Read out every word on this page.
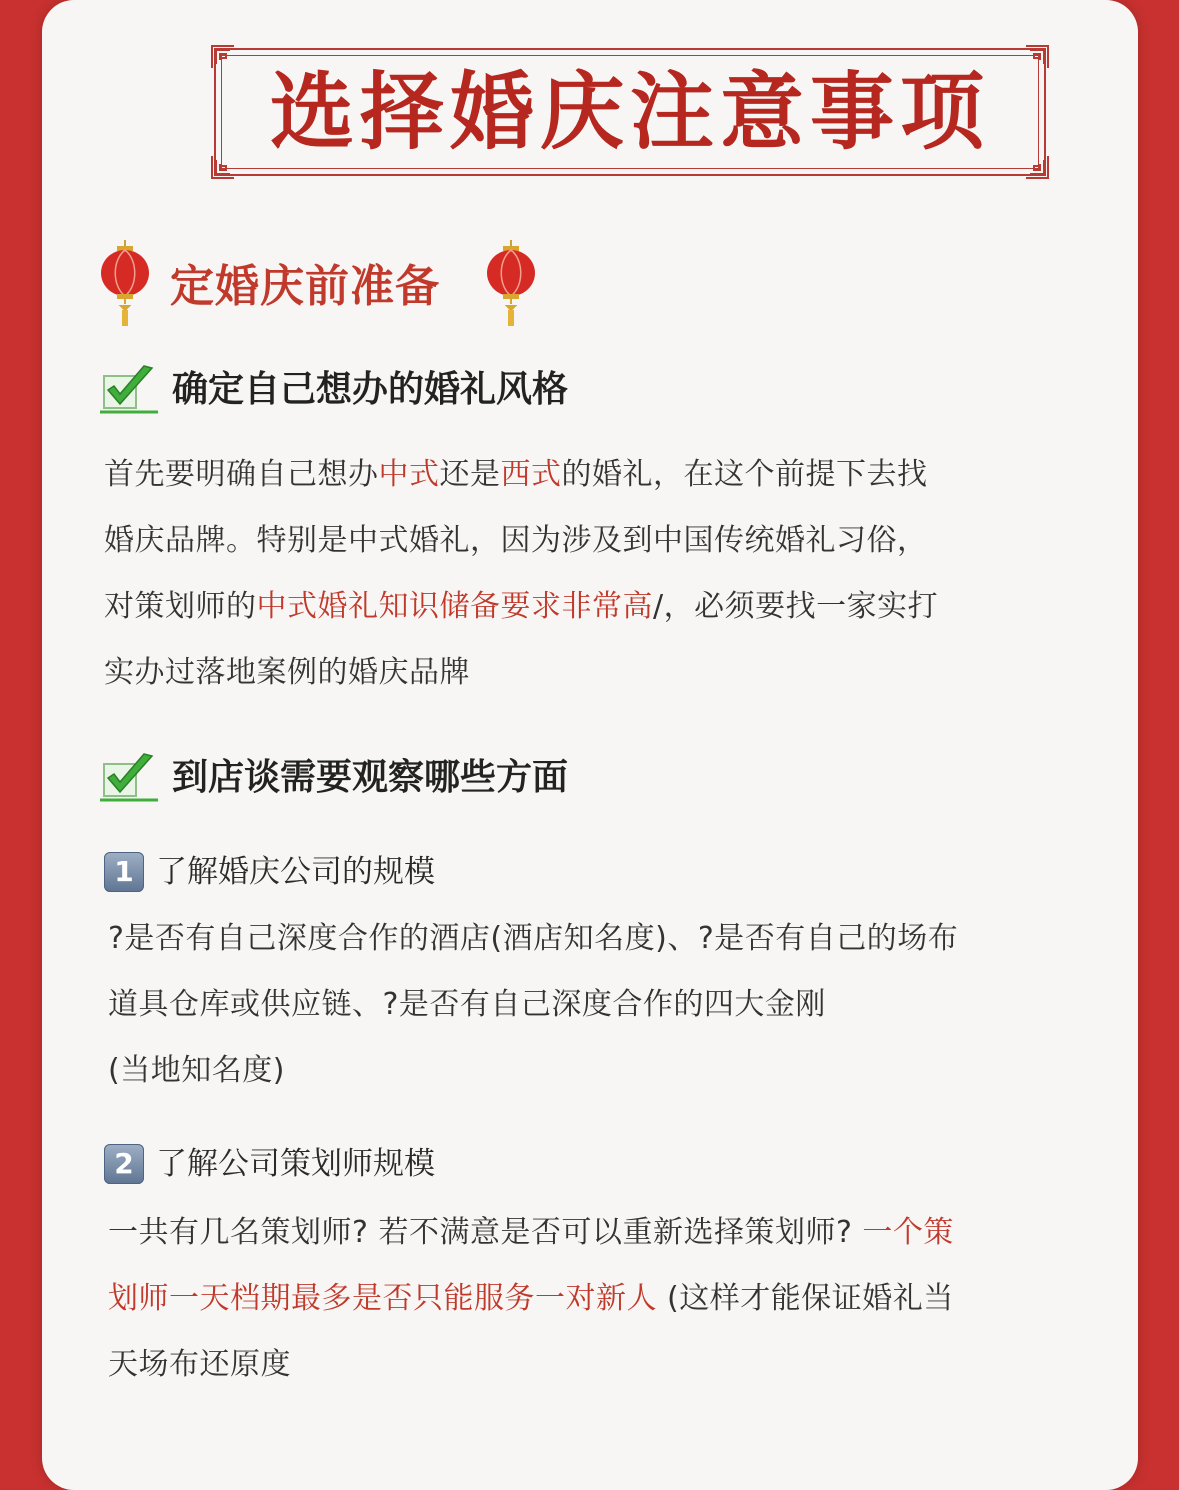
选择婚庆注意事项
定婚庆前准备
确定自己想办的婚礼风格
首先要明确自己想办中式还是西式的婚礼，在这个前提下去找
婚庆品牌。特别是中式婚礼，因为涉及到中国传统婚礼习俗，
对策划师的中式婚礼知识储备要求非常高/，必须要找一家实打
实办过落地案例的婚庆品牌
到店谈需要观察哪些方面
1 了解婚庆公司的规模
?是否有自己深度合作的酒店(酒店知名度)、?是否有自己的场布
道具仓库或供应链、?是否有自己深度合作的四大金刚
(当地知名度)
2 了解公司策划师规模
一共有几名策划师? 若不满意是否可以重新选择策划师? 一个策
划师一天档期最多是否只能服务一对新人 (这样才能保证婚礼当
天场布还原度
